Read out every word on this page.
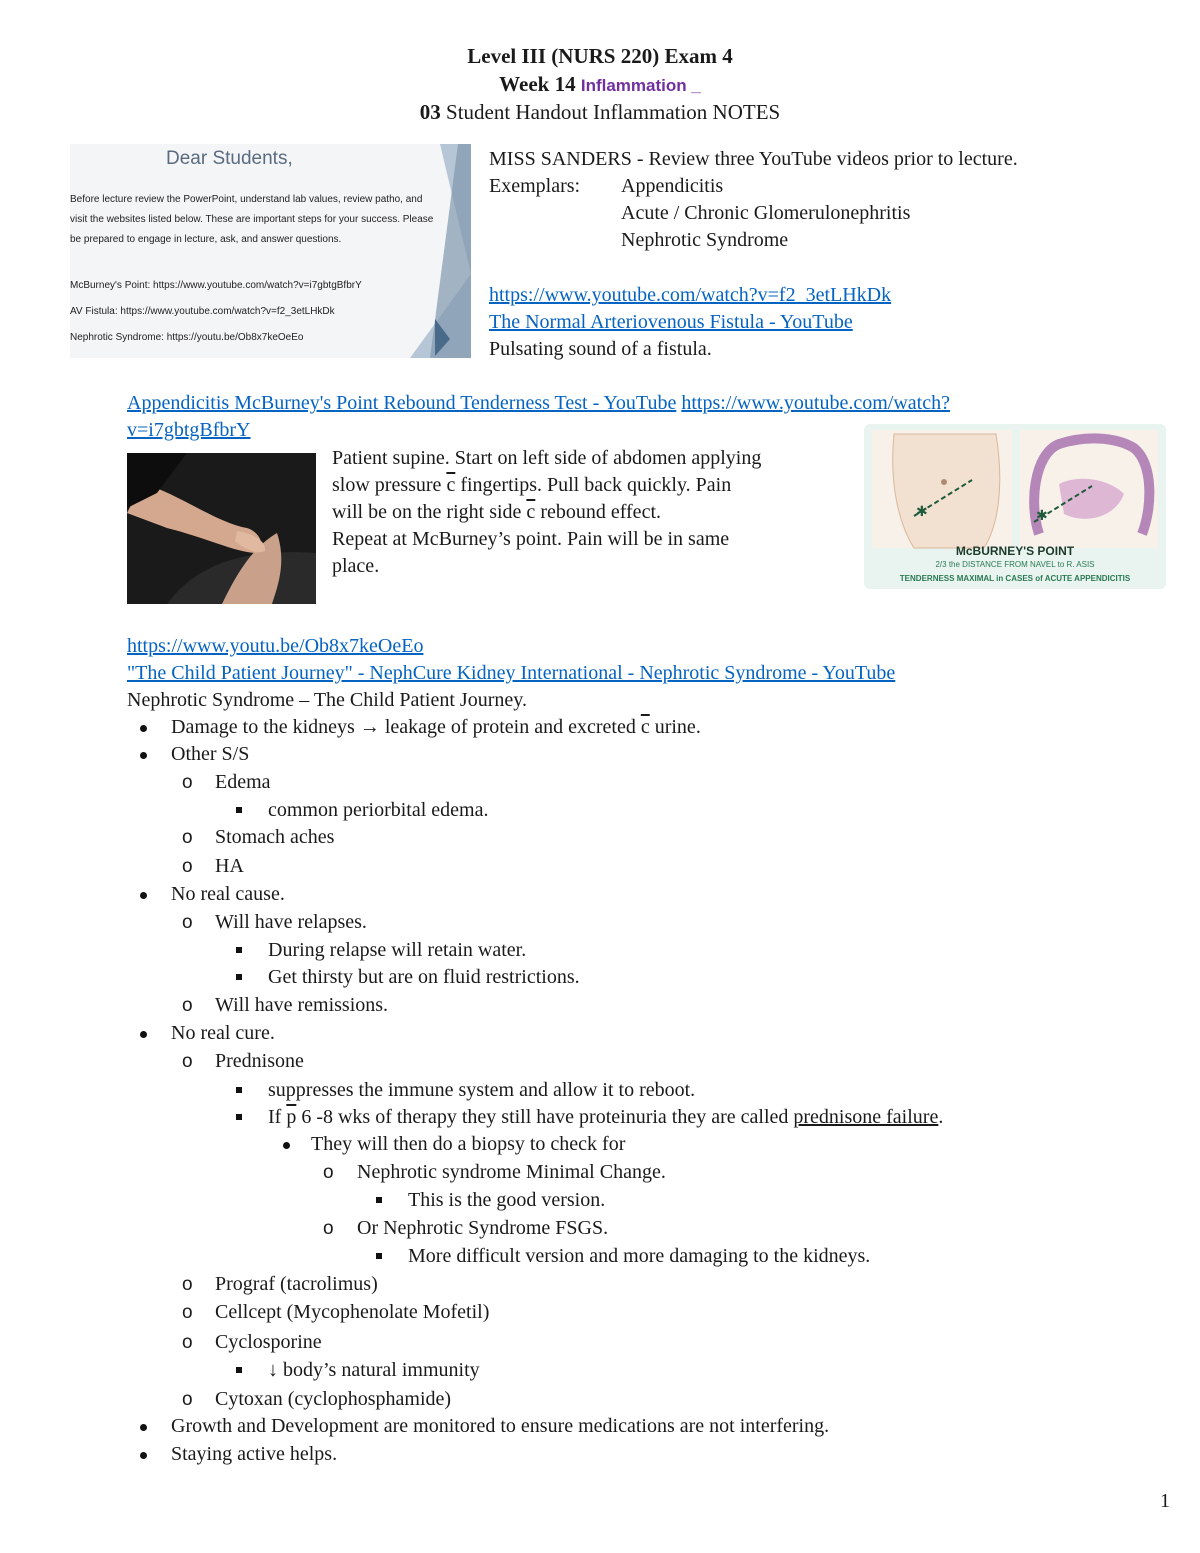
Level III (NURS 220) Exam 4
Week 14 Inflammation _
03 Student Handout Inflammation NOTES
Dear Students,
Before lecture review the PowerPoint, understand lab values, review patho, and
visit the websites listed below. These are important steps for your success. Please
be prepared to engage in lecture, ask, and answer questions.
McBurney's Point: https://www.youtube.com/watch?v=i7gbtgBfbrY
AV Fistula: https://www.youtube.com/watch?v=f2_3etLHkDk
Nephrotic Syndrome: https://youtu.be/Ob8x7keOeEo
MISS SANDERS - Review three YouTube videos prior to lecture.
Exemplars: Appendicitis
Acute / Chronic Glomerulonephritis
Nephrotic Syndrome
https://www.youtube.com/watch?v=f2_3etLHkDk
The Normal Arteriovenous Fistula - YouTube
Pulsating sound of a fistula.
Appendicitis McBurney's Point Rebound Tenderness Test - YouTube https://www.youtube.com/watch?
v=i7gbtgBfbrY
Patient supine. Start on left side of abdomen applying
slow pressure $\overline{c}$ fingertips. Pull back quickly. Pain
will be on the right side $\overline{c}$ rebound effect.
Repeat at McBurney’s point. Pain will be in same
place.
✱	✱
McBURNEY'S POINT
2/3 the DISTANCE FROM NAVEL to R. ASIS
TENDERNESS MAXIMAL in CASES of ACUTE APPENDICITIS
https://www.youtu.be/Ob8x7keOeEo
"The Child Patient Journey" - NephCure Kidney International - Nephrotic Syndrome - YouTube
Nephrotic Syndrome – The Child Patient Journey.
Damage to the kidneys → leakage of protein and excreted $\overline{c}$ urine.
Other S/S
o Edema
common periorbital edema.
o Stomach aches
o HA
No real cause.
o Will have relapses.
During relapse will retain water.
Get thirsty but are on fluid restrictions.
o Will have remissions.
No real cure.
o Prednisone
suppresses the immune system and allow it to reboot.
If $\overline{p}$ 6 -8 wks of therapy they still have proteinuria they are called prednisone failure.
They will then do a biopsy to check for
o Nephrotic syndrome Minimal Change.
This is the good version.
o Or Nephrotic Syndrome FSGS.
More difficult version and more damaging to the kidneys.
o Prograf (tacrolimus)
o Cellcept (Mycophenolate Mofetil)
o Cyclosporine
↓ body’s natural immunity
o Cytoxan (cyclophosphamide)
Growth and Development are monitored to ensure medications are not interfering.
Staying active helps.
1
